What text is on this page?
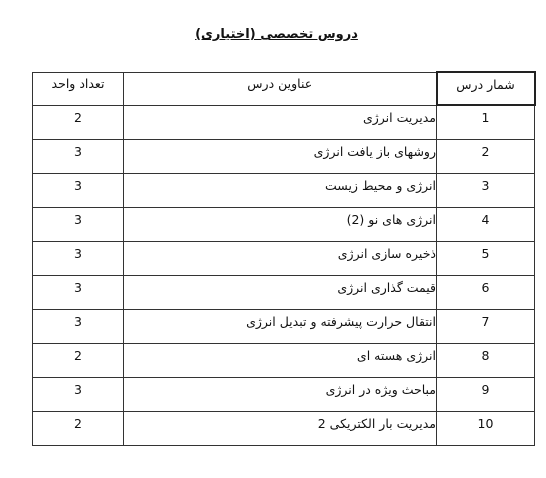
دروس تخصصی (اختیاری)
شمار درس	عناوین درس	تعداد واحد
1	مدیریت انرژی	2
2	روشهای باز یافت انرژی	3
3	انرژی و محیط زیست	3
4	انرژی های نو (2)	3
5	ذخیره سازی انرژی	3
6	قیمت گذاری انرژی	3
7	انتقال حرارت پیشرفته و تبدیل انرژی	3
8	انرژی هسته ای	2
9	مباحث ویژه در انرژی	3
10	مدیریت بار الکتریکی 2	2
